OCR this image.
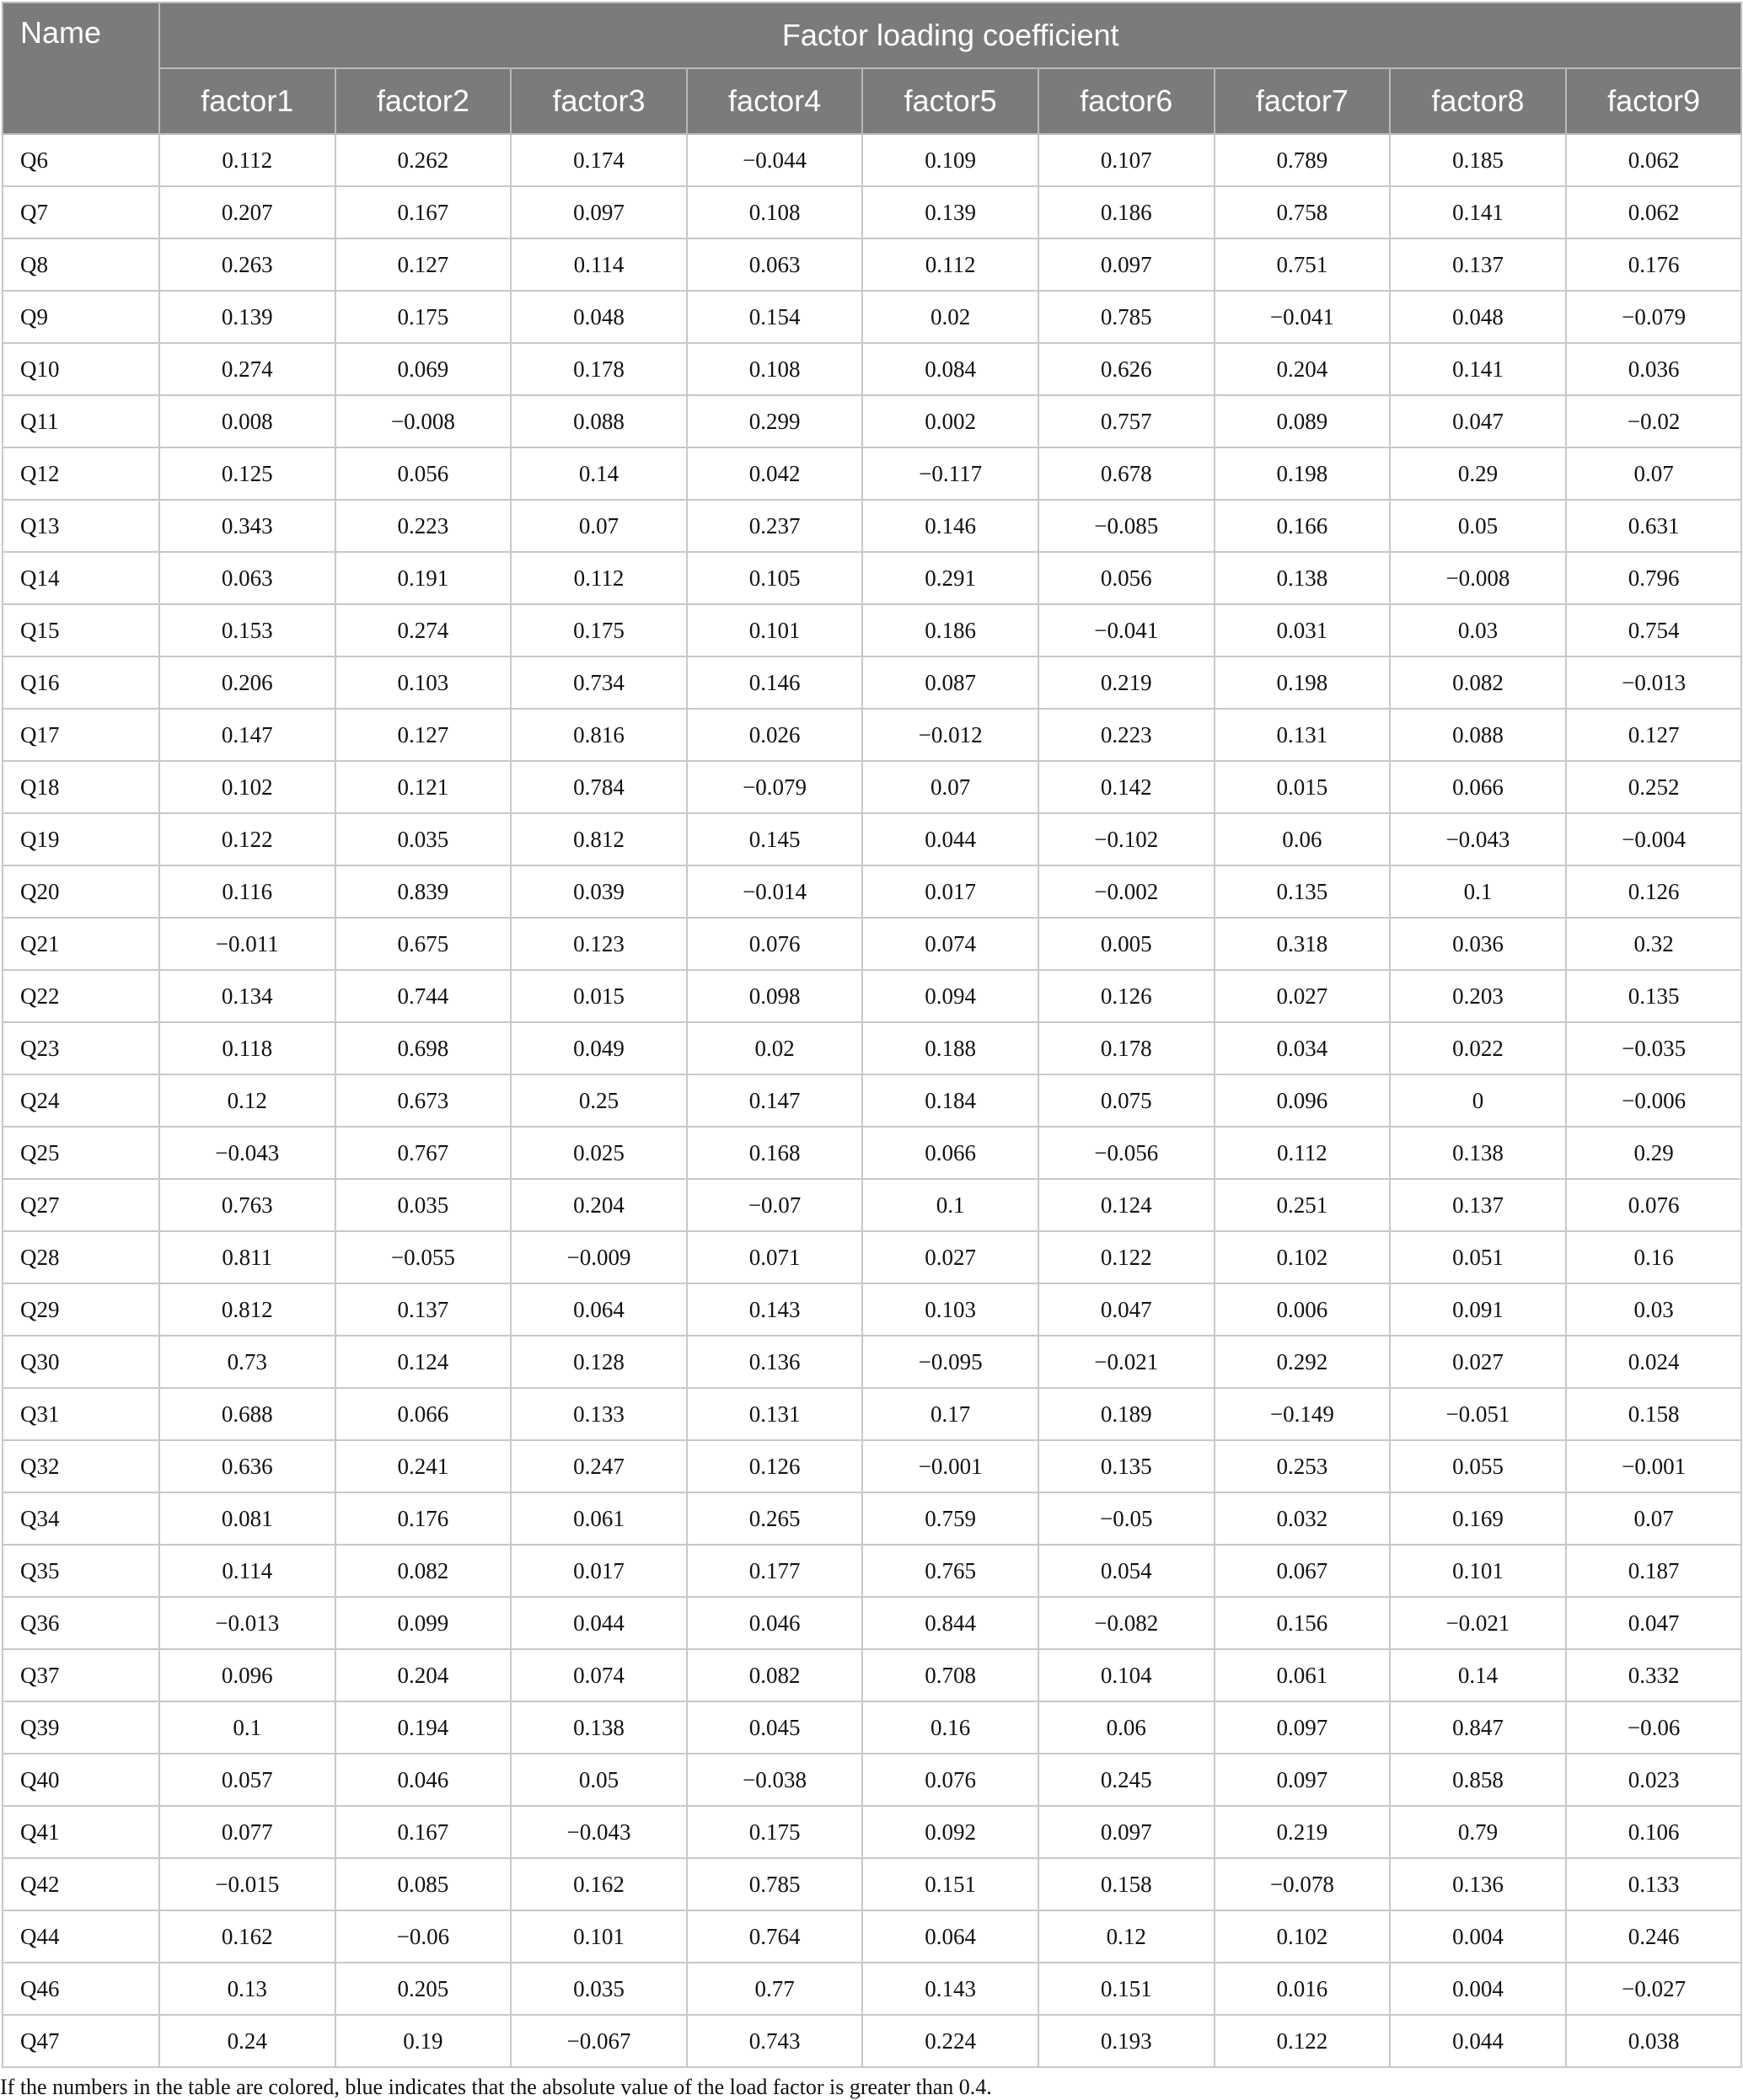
Name	Factor loading coefficient								
	factor1	factor2	factor3	factor4	factor5	factor6	factor7	factor8	factor9
Q6	0.112	0.262	0.174	−0.044	0.109	0.107	0.789	0.185	0.062
Q7	0.207	0.167	0.097	0.108	0.139	0.186	0.758	0.141	0.062
Q8	0.263	0.127	0.114	0.063	0.112	0.097	0.751	0.137	0.176
Q9	0.139	0.175	0.048	0.154	0.02	0.785	−0.041	0.048	−0.079
Q10	0.274	0.069	0.178	0.108	0.084	0.626	0.204	0.141	0.036
Q11	0.008	−0.008	0.088	0.299	0.002	0.757	0.089	0.047	−0.02
Q12	0.125	0.056	0.14	0.042	−0.117	0.678	0.198	0.29	0.07
Q13	0.343	0.223	0.07	0.237	0.146	−0.085	0.166	0.05	0.631
Q14	0.063	0.191	0.112	0.105	0.291	0.056	0.138	−0.008	0.796
Q15	0.153	0.274	0.175	0.101	0.186	−0.041	0.031	0.03	0.754
Q16	0.206	0.103	0.734	0.146	0.087	0.219	0.198	0.082	−0.013
Q17	0.147	0.127	0.816	0.026	−0.012	0.223	0.131	0.088	0.127
Q18	0.102	0.121	0.784	−0.079	0.07	0.142	0.015	0.066	0.252
Q19	0.122	0.035	0.812	0.145	0.044	−0.102	0.06	−0.043	−0.004
Q20	0.116	0.839	0.039	−0.014	0.017	−0.002	0.135	0.1	0.126
Q21	−0.011	0.675	0.123	0.076	0.074	0.005	0.318	0.036	0.32
Q22	0.134	0.744	0.015	0.098	0.094	0.126	0.027	0.203	0.135
Q23	0.118	0.698	0.049	0.02	0.188	0.178	0.034	0.022	−0.035
Q24	0.12	0.673	0.25	0.147	0.184	0.075	0.096	0	−0.006
Q25	−0.043	0.767	0.025	0.168	0.066	−0.056	0.112	0.138	0.29
Q27	0.763	0.035	0.204	−0.07	0.1	0.124	0.251	0.137	0.076
Q28	0.811	−0.055	−0.009	0.071	0.027	0.122	0.102	0.051	0.16
Q29	0.812	0.137	0.064	0.143	0.103	0.047	0.006	0.091	0.03
Q30	0.73	0.124	0.128	0.136	−0.095	−0.021	0.292	0.027	0.024
Q31	0.688	0.066	0.133	0.131	0.17	0.189	−0.149	−0.051	0.158
Q32	0.636	0.241	0.247	0.126	−0.001	0.135	0.253	0.055	−0.001
Q34	0.081	0.176	0.061	0.265	0.759	−0.05	0.032	0.169	0.07
Q35	0.114	0.082	0.017	0.177	0.765	0.054	0.067	0.101	0.187
Q36	−0.013	0.099	0.044	0.046	0.844	−0.082	0.156	−0.021	0.047
Q37	0.096	0.204	0.074	0.082	0.708	0.104	0.061	0.14	0.332
Q39	0.1	0.194	0.138	0.045	0.16	0.06	0.097	0.847	−0.06
Q40	0.057	0.046	0.05	−0.038	0.076	0.245	0.097	0.858	0.023
Q41	0.077	0.167	−0.043	0.175	0.092	0.097	0.219	0.79	0.106
Q42	−0.015	0.085	0.162	0.785	0.151	0.158	−0.078	0.136	0.133
Q44	0.162	−0.06	0.101	0.764	0.064	0.12	0.102	0.004	0.246
Q46	0.13	0.205	0.035	0.77	0.143	0.151	0.016	0.004	−0.027
Q47	0.24	0.19	−0.067	0.743	0.224	0.193	0.122	0.044	0.038
If the numbers in the table are colored, blue indicates that the absolute value of the load factor is greater than 0.4.
